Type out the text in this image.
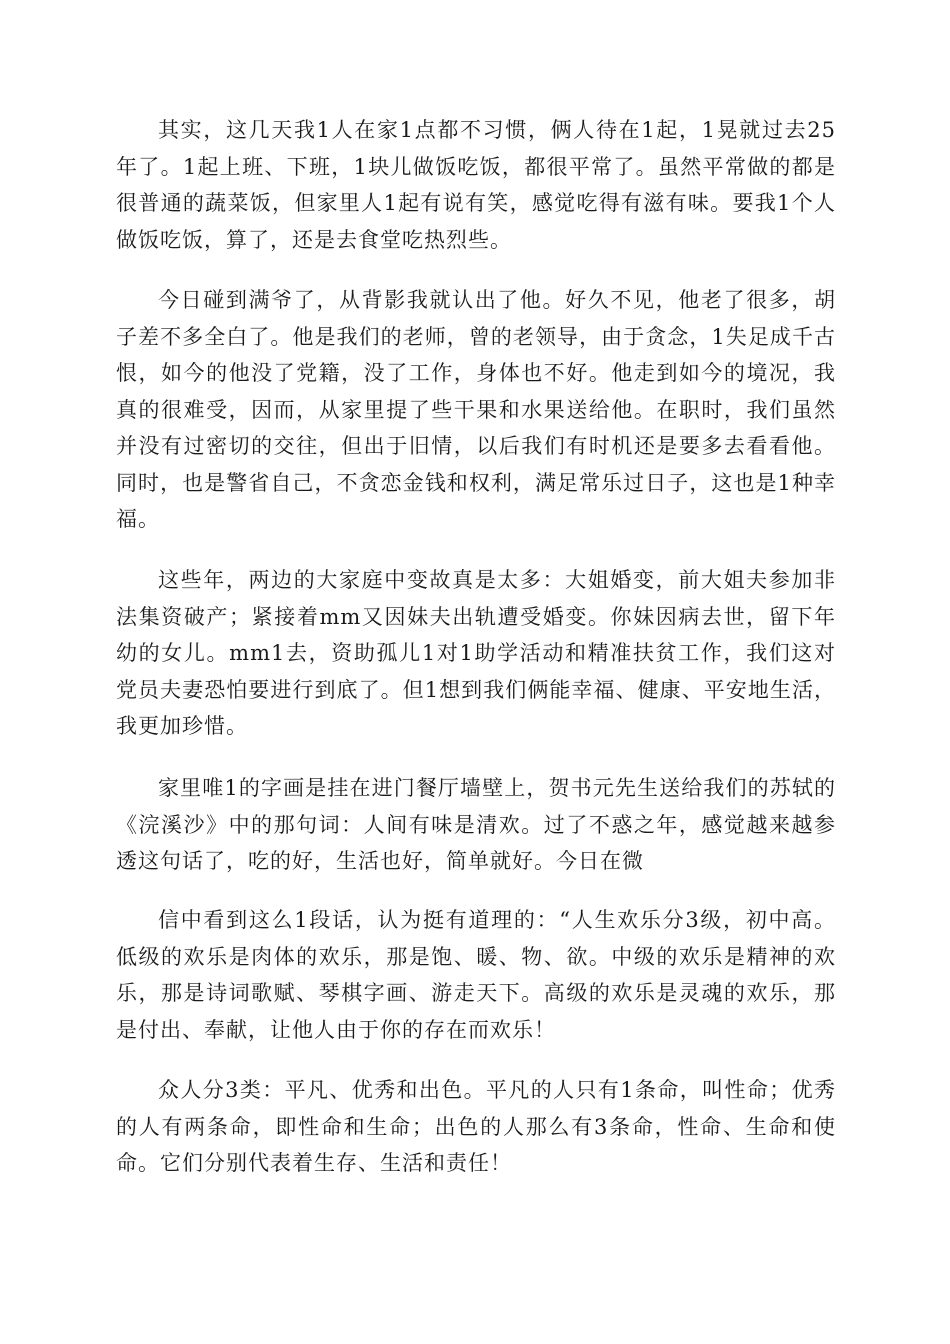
其实，这几天我1人在家1点都不习惯，俩人待在1起，1晃就过去25年了。1起上班、下班，1块儿做饭吃饭，都很平常了。虽然平常做的都是很普通的蔬菜饭，但家里人1起有说有笑，感觉吃得有滋有味。要我1个人做饭吃饭，算了，还是去食堂吃热烈些。

今日碰到满爷了，从背影我就认出了他。好久不见，他老了很多，胡子差不多全白了。他是我们的老师，曾的老领导，由于贪念，1失足成千古恨，如今的他没了党籍，没了工作，身体也不好。他走到如今的境况，我真的很难受，因而，从家里提了些干果和水果送给他。在职时，我们虽然并没有过密切的交往，但出于旧情，以后我们有时机还是要多去看看他。同时，也是警省自己，不贪恋金钱和权利，满足常乐过日子，这也是1种幸福。

这些年，两边的大家庭中变故真是太多：大姐婚变，前大姐夫参加非法集资破产；紧接着mm又因妹夫出轨遭受婚变。你妹因病去世，留下年幼的女儿。mm1去，资助孤儿1对1助学活动和精准扶贫工作，我们这对党员夫妻恐怕要进行到底了。但1想到我们俩能幸福、健康、平安地生活，我更加珍惜。

家里唯1的字画是挂在进门餐厅墙壁上，贺书元先生送给我们的苏轼的《浣溪沙》中的那句词：人间有味是清欢。过了不惑之年，感觉越来越参透这句话了，吃的好，生活也好，简单就好。今日在微

信中看到这么1段话，认为挺有道理的：“人生欢乐分3级，初中高。低级的欢乐是肉体的欢乐，那是饱、暖、物、欲。中级的欢乐是精神的欢乐，那是诗词歌赋、琴棋字画、游走天下。高级的欢乐是灵魂的欢乐，那是付出、奉献，让他人由于你的存在而欢乐！

众人分3类：平凡、优秀和出色。平凡的人只有1条命，叫性命；优秀的人有两条命，即性命和生命；出色的人那么有3条命，性命、生命和使命。它们分别代表着生存、生活和责任！
